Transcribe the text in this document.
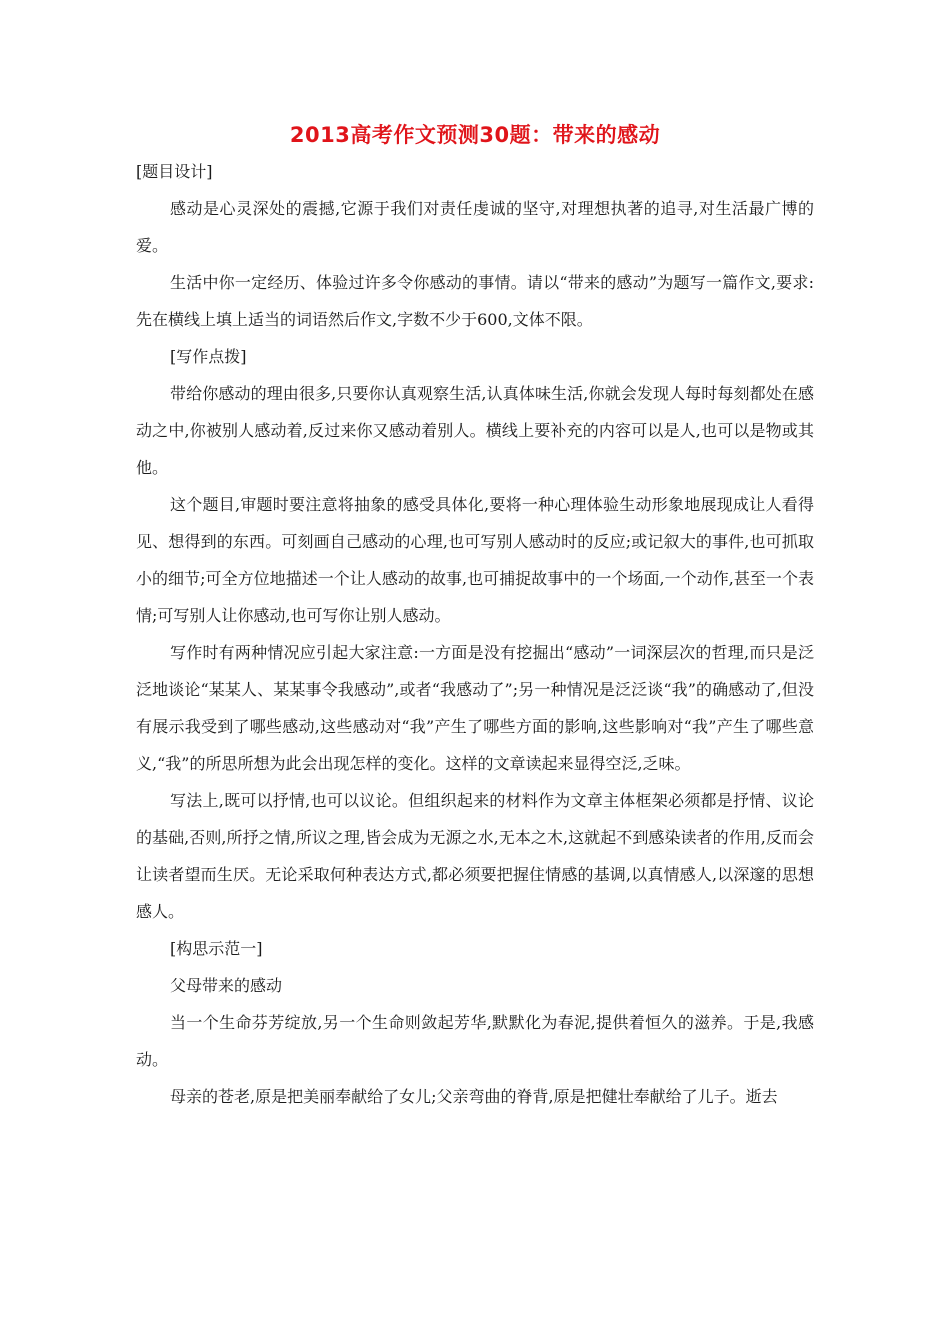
2013高考作文预测30题：带来的感动

[题目设计]

感动是心灵深处的震撼,它源于我们对责任虔诚的坚守,对理想执著的追寻,对生活最广博的爱。

生活中你一定经历、体验过许多令你感动的事情。请以“带来的感动”为题写一篇作文,要求:先在横线上填上适当的词语然后作文,字数不少于600,文体不限。

[写作点拨]

带给你感动的理由很多,只要你认真观察生活,认真体味生活,你就会发现人每时每刻都处在感动之中,你被别人感动着,反过来你又感动着别人。横线上要补充的内容可以是人,也可以是物或其他。

这个题目,审题时要注意将抽象的感受具体化,要将一种心理体验生动形象地展现成让人看得见、想得到的东西。可刻画自己感动的心理,也可写别人感动时的反应;或记叙大的事件,也可抓取小的细节;可全方位地描述一个让人感动的故事,也可捕捉故事中的一个场面,一个动作,甚至一个表情;可写别人让你感动,也可写你让别人感动。

写作时有两种情况应引起大家注意:一方面是没有挖掘出“感动”一词深层次的哲理,而只是泛泛地谈论“某某人、某某事令我感动”,或者“我感动了”;另一种情况是泛泛谈“我”的确感动了,但没有展示我受到了哪些感动,这些感动对“我”产生了哪些方面的影响,这些影响对“我”产生了哪些意义,“我”的所思所想为此会出现怎样的变化。这样的文章读起来显得空泛,乏味。

写法上,既可以抒情,也可以议论。但组织起来的材料作为文章主体框架必须都是抒情、议论的基础,否则,所抒之情,所议之理,皆会成为无源之水,无本之木,这就起不到感染读者的作用,反而会让读者望而生厌。无论采取何种表达方式,都必须要把握住情感的基调,以真情感人,以深邃的思想感人。

[构思示范一]

父母带来的感动

当一个生命芬芳绽放,另一个生命则敛起芳华,默默化为春泥,提供着恒久的滋养。于是,我感动。

母亲的苍老,原是把美丽奉献给了女儿;父亲弯曲的脊背,原是把健壮奉献给了儿子。逝去
